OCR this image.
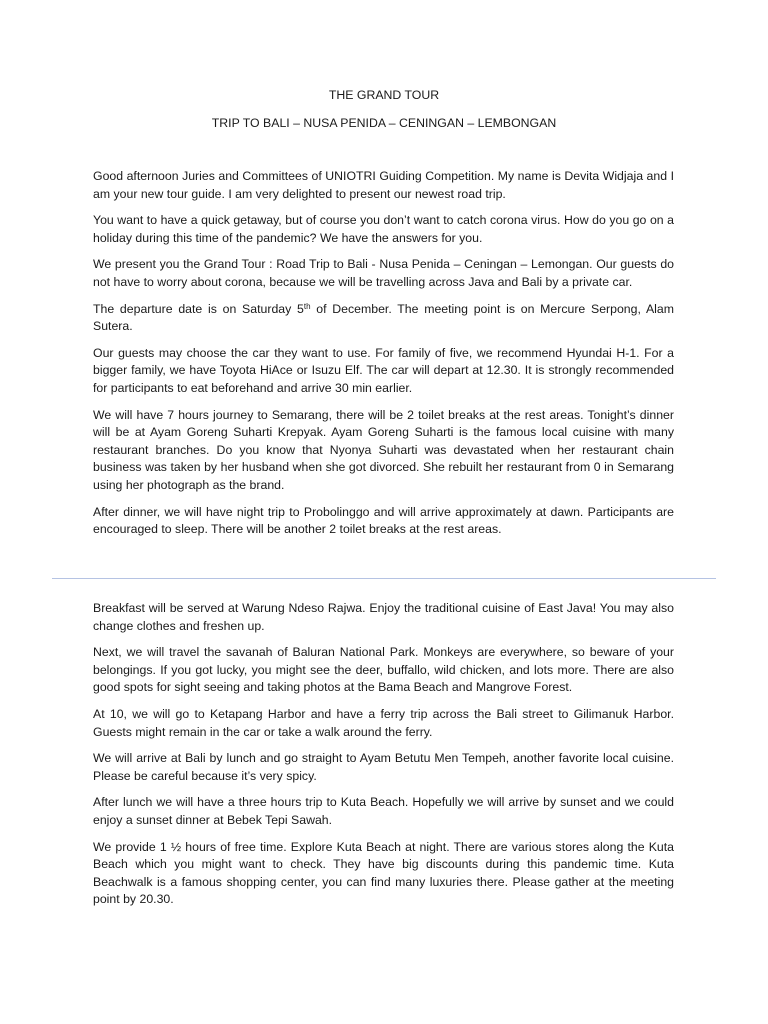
THE GRAND TOUR

TRIP TO BALI – NUSA PENIDA – CENINGAN – LEMBONGAN

Good afternoon Juries and Committees of UNIOTRI Guiding Competition. My name is Devita Widjaja and I am your new tour guide. I am very delighted to present our newest road trip.

You want to have a quick getaway, but of course you don’t want to catch corona virus. How do you go on a holiday during this time of the pandemic? We have the answers for you.

We present you the Grand Tour : Road Trip to Bali - Nusa Penida – Ceningan – Lemongan. Our guests do not have to worry about corona, because we will be travelling across Java and Bali by a private car.

The departure date is on Saturday 5th of December. The meeting point is on Mercure Serpong, Alam Sutera.

Our guests may choose the car they want to use. For family of five, we recommend Hyundai H-1. For a bigger family, we have Toyota HiAce or Isuzu Elf. The car will depart at 12.30. It is strongly recommended for participants to eat beforehand and arrive 30 min earlier.

We will have 7 hours journey to Semarang, there will be 2 toilet breaks at the rest areas. Tonight’s dinner will be at Ayam Goreng Suharti Krepyak. Ayam Goreng Suharti is the famous local cuisine with many restaurant branches. Do you know that Nyonya Suharti was devastated when her restaurant chain business was taken by her husband when she got divorced. She rebuilt her restaurant from 0 in Semarang using her photograph as the brand.

After dinner, we will have night trip to Probolinggo and will arrive approximately at dawn. Participants are encouraged to sleep. There will be another 2 toilet breaks at the rest areas.

Breakfast will be served at Warung Ndeso Rajwa. Enjoy the traditional cuisine of East Java! You may also change clothes and freshen up.

Next, we will travel the savanah of Baluran National Park. Monkeys are everywhere, so beware of your belongings. If you got lucky, you might see the deer, buffallo, wild chicken, and lots more. There are also good spots for sight seeing and taking photos at the Bama Beach and Mangrove Forest.

At 10, we will go to Ketapang Harbor and have a ferry trip across the Bali street to Gilimanuk Harbor. Guests might remain in the car or take a walk around the ferry.

We will arrive at Bali by lunch and go straight to Ayam Betutu Men Tempeh, another favorite local cuisine. Please be careful because it’s very spicy.

After lunch we will have a three hours trip to Kuta Beach. Hopefully we will arrive by sunset and we could enjoy a sunset dinner at Bebek Tepi Sawah.

We provide 1 ½ hours of free time. Explore Kuta Beach at night. There are various stores along the Kuta Beach which you might want to check. They have big discounts during this pandemic time. Kuta Beachwalk is a famous shopping center, you can find many luxuries there. Please gather at the meeting point by 20.30.
